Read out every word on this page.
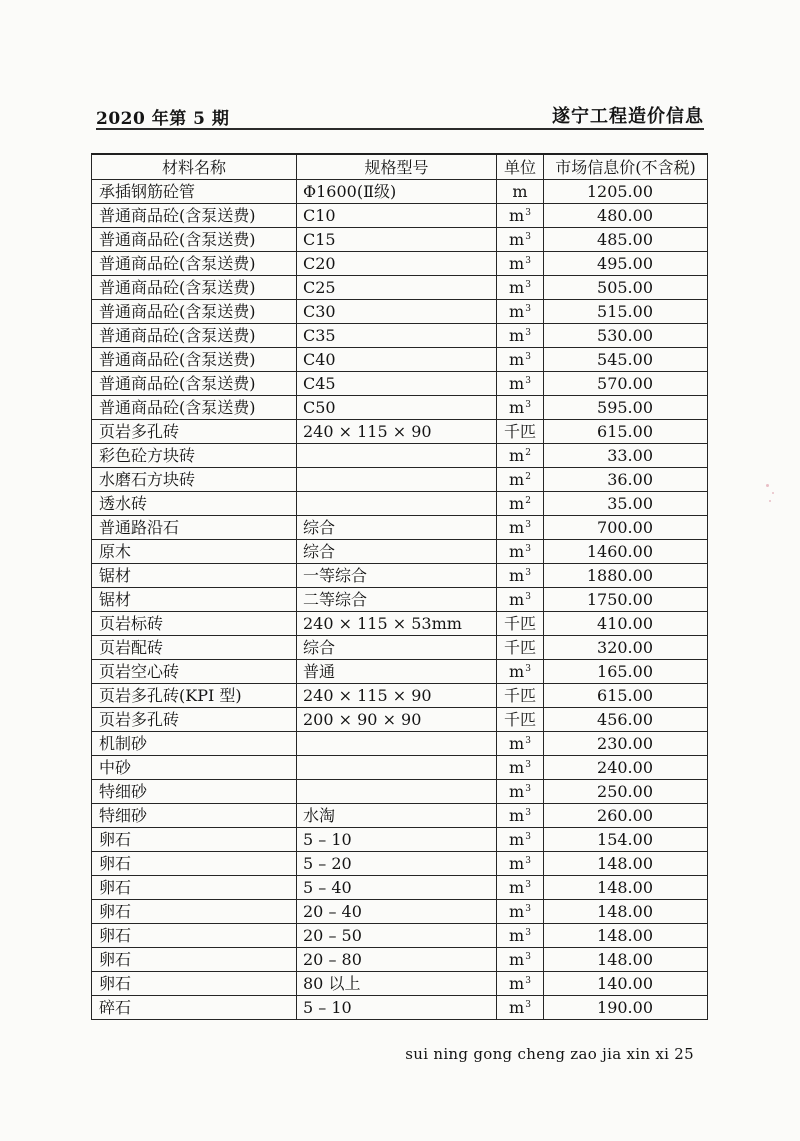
2020 年第 5 期	遂宁工程造价信息
材料名称	规格型号	单位	市场信息价(不含税)
承插钢筋砼管	Φ1600(Ⅱ级)	m	1205.00
普通商品砼(含泵送费)	C10	$m^3$	480.00
普通商品砼(含泵送费)	C15	$m^3$	485.00
普通商品砼(含泵送费)	C20	$m^3$	495.00
普通商品砼(含泵送费)	C25	$m^3$	505.00
普通商品砼(含泵送费)	C30	$m^3$	515.00
普通商品砼(含泵送费)	C35	$m^3$	530.00
普通商品砼(含泵送费)	C40	$m^3$	545.00
普通商品砼(含泵送费)	C45	$m^3$	570.00
普通商品砼(含泵送费)	C50	$m^3$	595.00
页岩多孔砖	240 × 115 × 90	千匹	615.00
彩色砼方块砖		$m^2$	33.00
水磨石方块砖		$m^2$	36.00
透水砖		$m^2$	35.00
普通路沿石	综合	$m^3$	700.00
原木	综合	$m^3$	1460.00
锯材	一等综合	$m^3$	1880.00
锯材	二等综合	$m^3$	1750.00
页岩标砖	240 × 115 × 53mm	千匹	410.00
页岩配砖	综合	千匹	320.00
页岩空心砖	普通	$m^3$	165.00
页岩多孔砖(KPI 型)	240 × 115 × 90	千匹	615.00
页岩多孔砖	200 × 90 × 90	千匹	456.00
机制砂		$m^3$	230.00
中砂		$m^3$	240.00
特细砂		$m^3$	250.00
特细砂	水淘	$m^3$	260.00
卵石	5 – 10	$m^3$	154.00
卵石	5 – 20	$m^3$	148.00
卵石	5 – 40	$m^3$	148.00
卵石	20 – 40	$m^3$	148.00
卵石	20 – 50	$m^3$	148.00
卵石	20 – 80	$m^3$	148.00
卵石	80 以上	$m^3$	140.00
碎石	5 – 10	$m^3$	190.00
sui ning gong cheng zao jia xin xi 25
